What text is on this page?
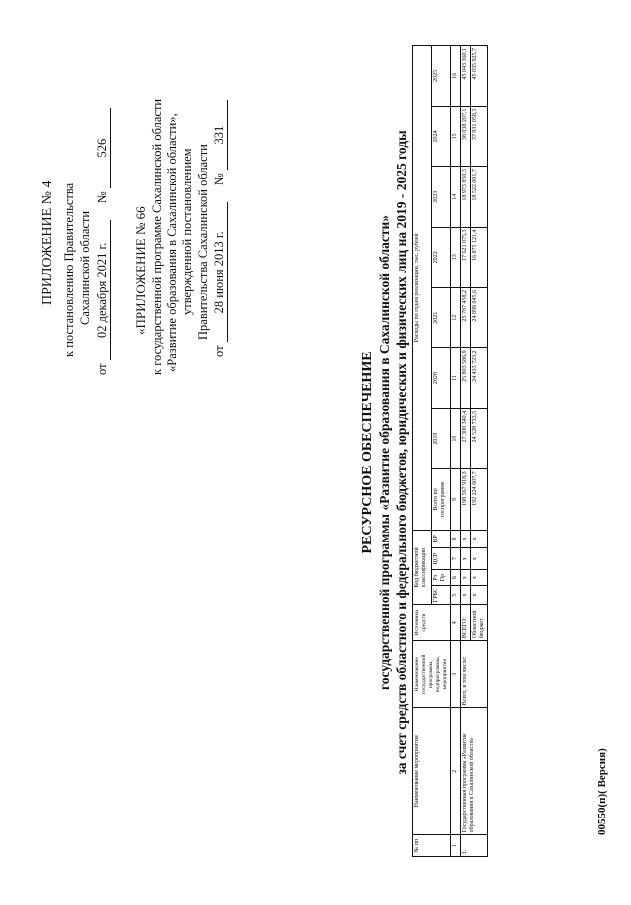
ПРИЛОЖЕНИЕ № 4 к постановлению Правительства Сахалинской области
от 02 декабря 2021 г. № 526
«ПРИЛОЖЕНИЕ № 66 к государственной программе Сахалинской области «Развитие образования в Сахалинской области», утвержденной постановлением Правительства Сахалинской области
от 28 июня 2013 г. № 331
РЕСУРСНОЕ ОБЕСПЕЧЕНИЕ государственной программы «Развитие образования в Сахалинской области» за счет средств областного и федерального бюджетов, юридических и физических лиц на 2019 - 2025 годы
№ пп	Наименование мероприятия	Наименование государственной программы, подпрограммы, мероприятия	Источники средств	Код бюджетной классификации				Расходы по годам реализации, тыс. рублей							
				ГРБС	Рз Пр	ЦСР	ВР	Всего по госпрограмме	2019	2020	2021	2022	2023	2024	2025
1	2	3	4	5	6	7	8	9	10	11	12	13	14	15	16
1.	Государственная программа «Развитие образования в Сахалинской области»	Всего, в том числе:	ВСЕГО:	х	х	х	х	198 567 918,3	27 300 340,4	25 803 586,9	25 787 458,2	17 621 075,3	18 973 850,3	38 038 207,1	45 043 360,1
			Областной бюджет	х	х	х	х	192 224 607,7	24 528 733,5	24 433 723,2	24 898 045,6	16 875 121,4	18 522 001,7	37 931 058,3	45 035 925,7
00550(п)( Версия)
